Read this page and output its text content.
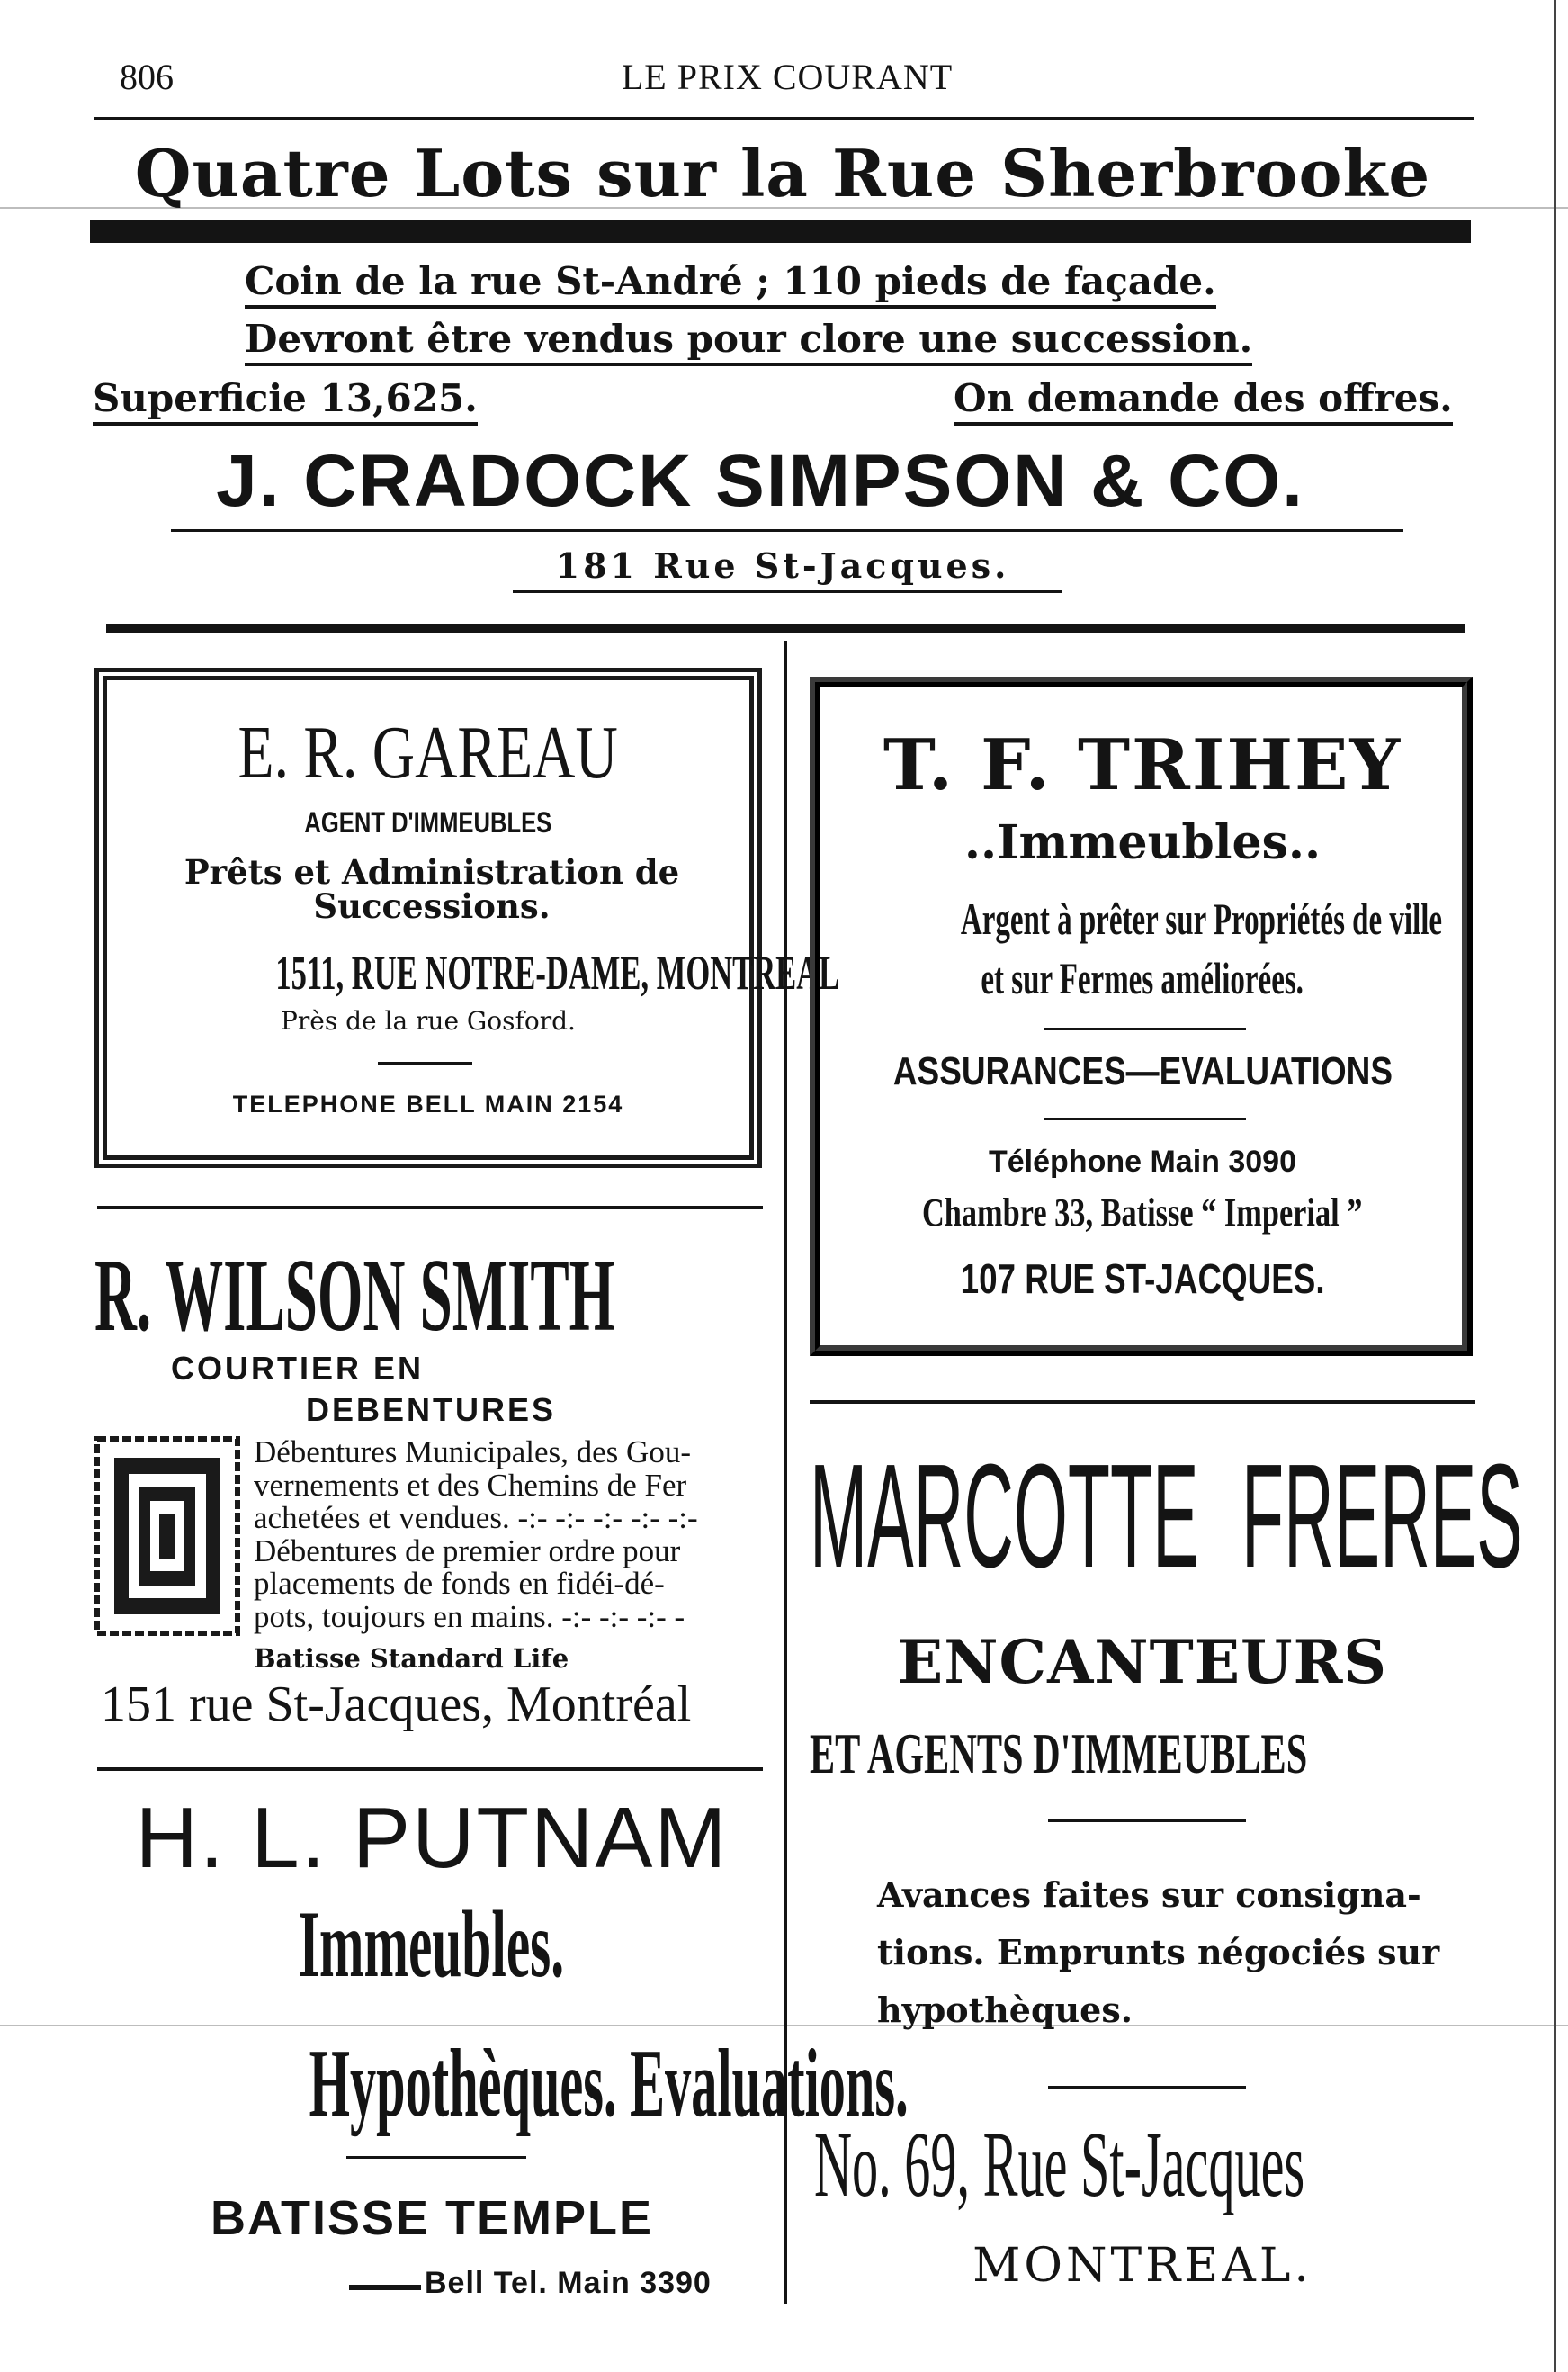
806	LE PRIX COURANT
Quatre Lots sur la Rue Sherbrooke
Coin de la rue St-André ; 110 pieds de façade.
Devront être vendus pour clore une succession.
Superficie 13,625.	On demande des offres.
J. CRADOCK SIMPSON & CO.
181 Rue St-Jacques.
E. R. GAREAU
AGENT D'IMMEUBLES
Prêts et Administration de Successions.
1511, RUE NOTRE-DAME, MONTREAL
Près de la rue Gosford.
TELEPHONE BELL MAIN 2154
T. F. TRIHEY
..Immeubles..
Argent à prêter sur Propriétés de ville
et sur Fermes améliorées.
ASSURANCES—EVALUATIONS
Téléphone Main 3090
Chambre 33, Batisse “ Imperial ”
107 RUE ST-JACQUES.
R. WILSON SMITH
COURTIER EN
DEBENTURES
Débentures Municipales, des Gou-
vernements et des Chemins de Fer
achetées et vendues. -:- -:- -:- -:- -:-
Débentures de premier ordre pour
placements de fonds en fidéi-dé-
pots, toujours en mains. -:- -:- -:- -
Batisse Standard Life
151 rue St-Jacques, Montréal
MARCOTTE FRERES
ENCANTEURS
ET AGENTS D'IMMEUBLES
Avances faites sur consigna-
tions. Emprunts négociés sur
hypothèques.
No. 69, Rue St-Jacques
MONTREAL.
H. L. PUTNAM
Immeubles.
Hypothèques. Evaluations.
BATISSE TEMPLE
Bell Tel. Main 3390
